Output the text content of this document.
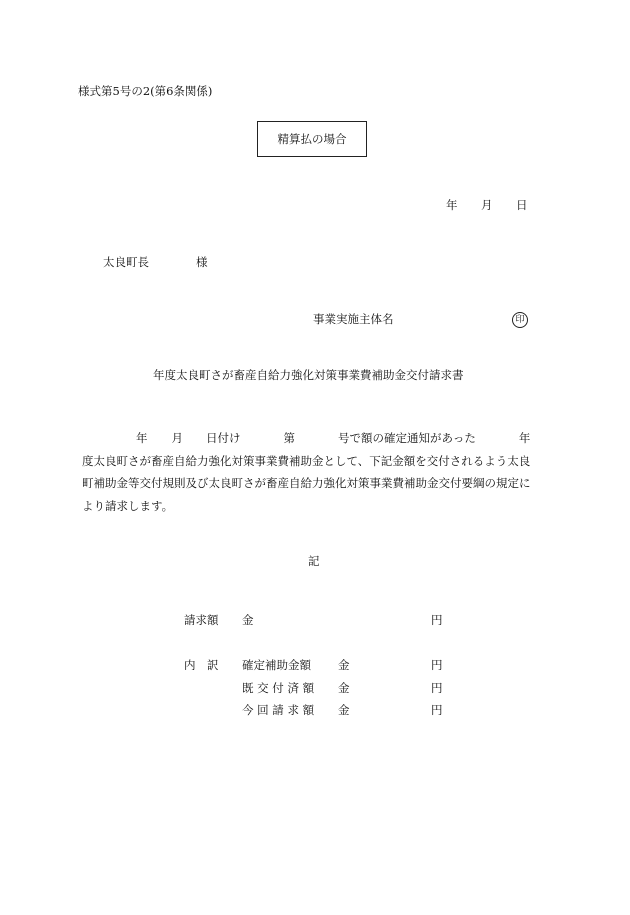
様式第5号の2(第6条関係)
精算払の場合
年 月 日
太良町長	様
事業実施主体名	印
年度太良町さが畜産自給力強化対策事業費補助金交付請求書
年 月 日付け	第	号で額の確定通知があった	年
度太良町さが畜産自給力強化対策事業費補助金として、下記金額を交付されるよう太良
町補助金等交付規則及び太良町さが畜産自給力強化対策事業費補助金交付要綱の規定に
より請求します。
記
請求額 金	円
内　訳 確定補助金額 金	円
既 交 付 済 額 金	円
今 回 請 求 額 金	円
